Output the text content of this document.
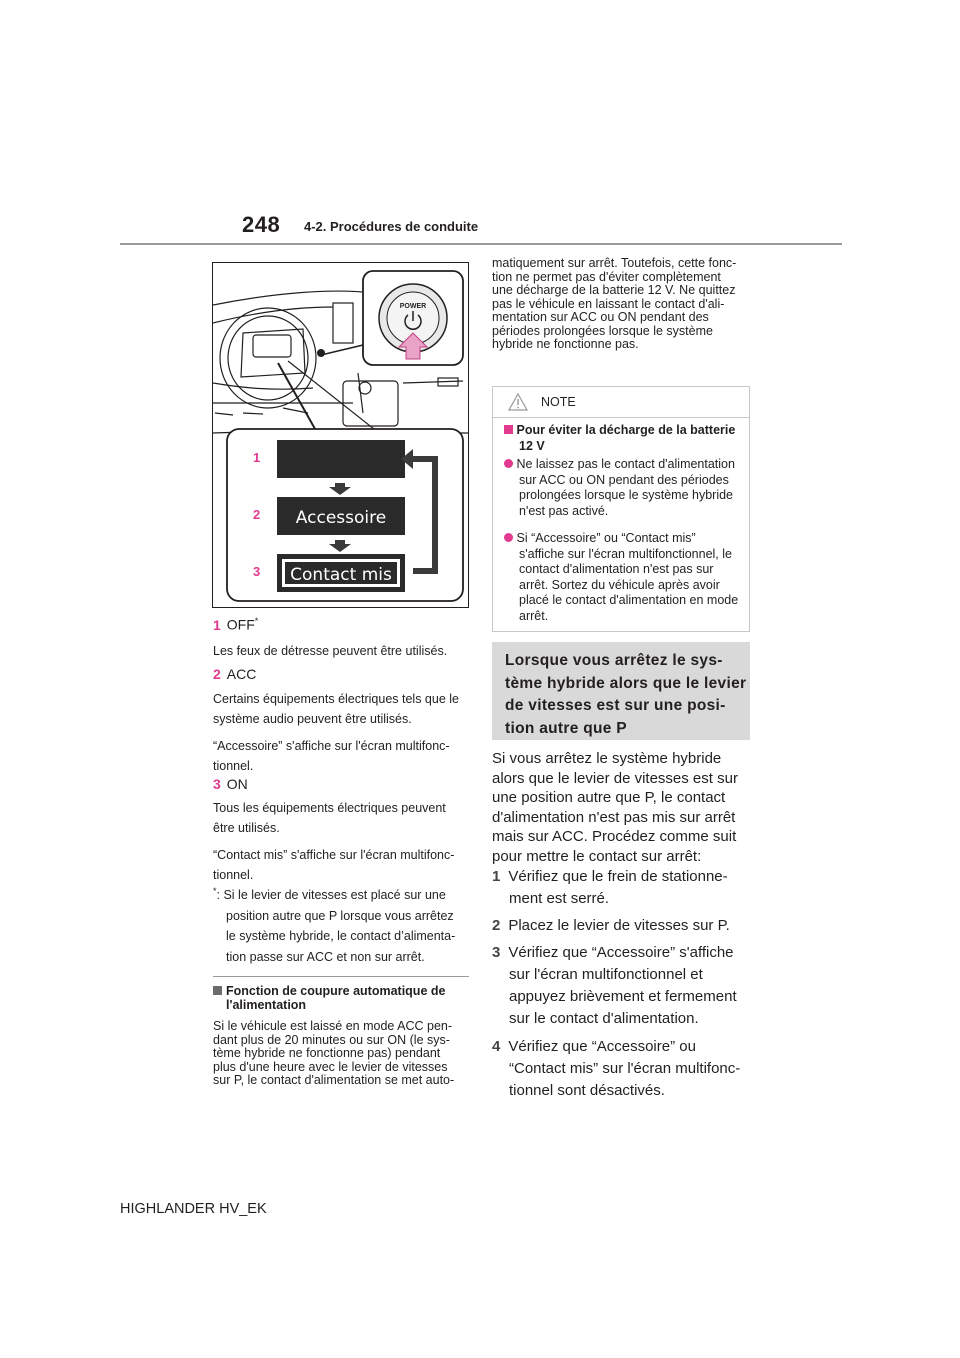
248 4-2. Procédures de conduite
POWER
1
2 Accessoire
3 Contact mis
1 OFF*
Les feux de détresse peuvent être utilisés.
2 ACC
Certains équipements électriques tels que le
système audio peuvent être utilisés.
“Accessoire” s'affiche sur l'écran multifonc-
tionnel.
3 ON
Tous les équipements électriques peuvent
être utilisés.
“Contact mis” s'affiche sur l'écran multifonc-
tionnel.
*: Si le levier de vitesses est placé sur une
position autre que P lorsque vous arrêtez
le système hybride, le contact d’alimenta-
tion passe sur ACC et non sur arrêt.
Fonction de coupure automatique de
l'alimentation
Si le véhicule est laissé en mode ACC pen-
dant plus de 20 minutes ou sur ON (le sys-
tème hybride ne fonctionne pas) pendant
plus d'une heure avec le levier de vitesses
sur P, le contact d'alimentation se met auto-
matiquement sur arrêt. Toutefois, cette fonc-
tion ne permet pas d'éviter complètement
une décharge de la batterie 12 V. Ne quittez
pas le véhicule en laissant le contact d'ali-
mentation sur ACC ou ON pendant des
périodes prolongées lorsque le système
hybride ne fonctionne pas.
NOTE
Pour éviter la décharge de la batterie
12 V
Ne laissez pas le contact d'alimentation
sur ACC ou ON pendant des périodes
prolongées lorsque le système hybride
n'est pas activé.
Si “Accessoire” ou “Contact mis”
s'affiche sur l'écran multifonctionnel, le
contact d'alimentation n'est pas sur
arrêt. Sortez du véhicule après avoir
placé le contact d'alimentation en mode
arrêt.
Lorsque vous arrêtez le sys-
tème hybride alors que le levier
de vitesses est sur une posi-
tion autre que P
Si vous arrêtez le système hybride
alors que le levier de vitesses est sur
une position autre que P, le contact
d'alimentation n'est pas mis sur arrêt
mais sur ACC. Procédez comme suit
pour mettre le contact sur arrêt:
1 Vérifiez que le frein de stationne-
ment est serré.
2 Placez le levier de vitesses sur P.
3 Vérifiez que “Accessoire” s'affiche
sur l'écran multifonctionnel et
appuyez brièvement et fermement
sur le contact d'alimentation.
4 Vérifiez que “Accessoire” ou
“Contact mis” sur l'écran multifonc-
tionnel sont désactivés.
HIGHLANDER HV_EK
